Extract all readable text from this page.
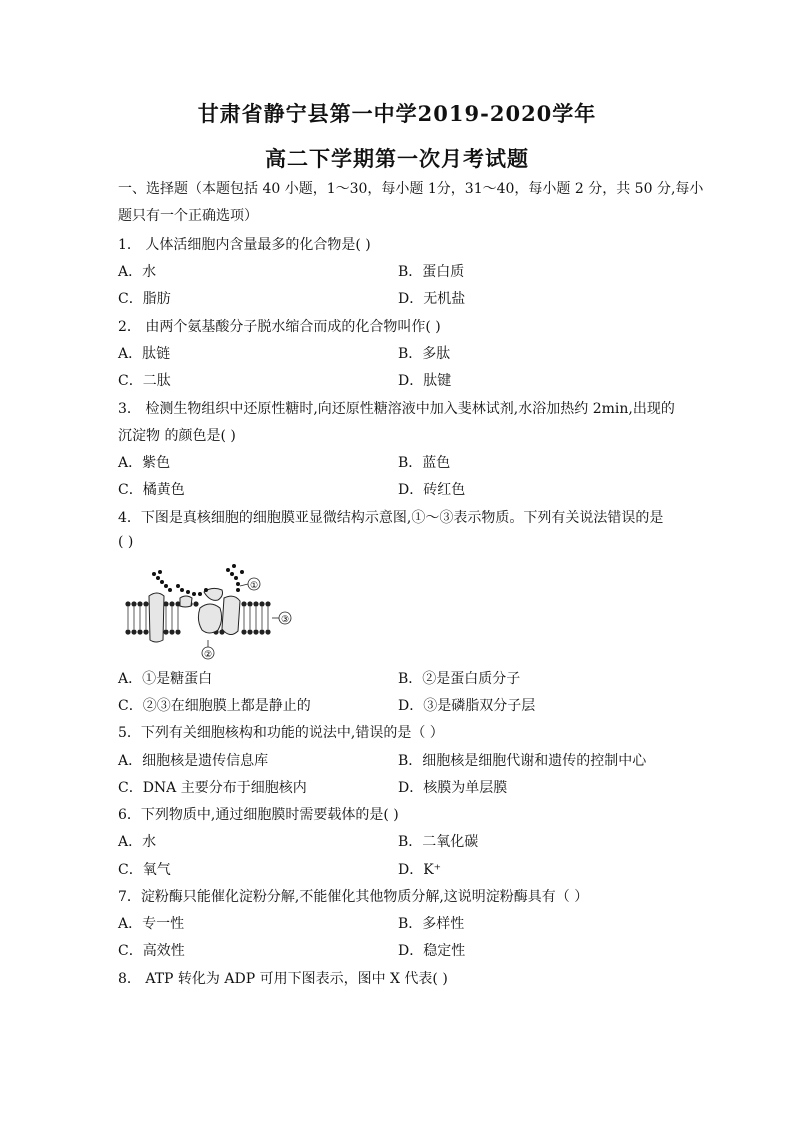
甘肃省静宁县第一中学2019-2020学年
高二下学期第一次月考试题
一、选择题（本题包括 40 小题，1～30，每小题 1分，31～40，每小题 2 分，共 50 分,每小
题只有一个正确选项）
1． 人体活细胞内含量最多的化合物是( )
A．水	B．蛋白质
C．脂肪	D．无机盐
2． 由两个氨基酸分子脱水缩合而成的化合物叫作( )
A．肽链	B．多肽
C．二肽	D．肽键
3． 检测生物组织中还原性糖时,向还原性糖溶液中加入斐林试剂,水浴加热约 2min,出现的
沉淀物 的颜色是( )
A．紫色	B．蓝色
C．橘黄色	D．砖红色
4．下图是真核细胞的细胞膜亚显微结构示意图,①～③表示物质。下列有关说法错误的是
( )
①
③
②
A．①是糖蛋白	B．②是蛋白质分子
C．②③在细胞膜上都是静止的	D．③是磷脂双分子层
5．下列有关细胞核构和功能的说法中,错误的是（ ）
A．细胞核是遗传信息库	B．细胞核是细胞代谢和遗传的控制中心
C．DNA 主要分布于细胞核内	D．核膜为单层膜
6．下列物质中,通过细胞膜时需要载体的是( )
A．水	B．二氧化碳
C．氧气	D．K⁺
7．淀粉酶只能催化淀粉分解,不能催化其他物质分解,这说明淀粉酶具有（ ）
A．专一性	B．多样性
C．高效性	D．稳定性
8． ATP 转化为 ADP 可用下图表示，图中 X 代表( )
